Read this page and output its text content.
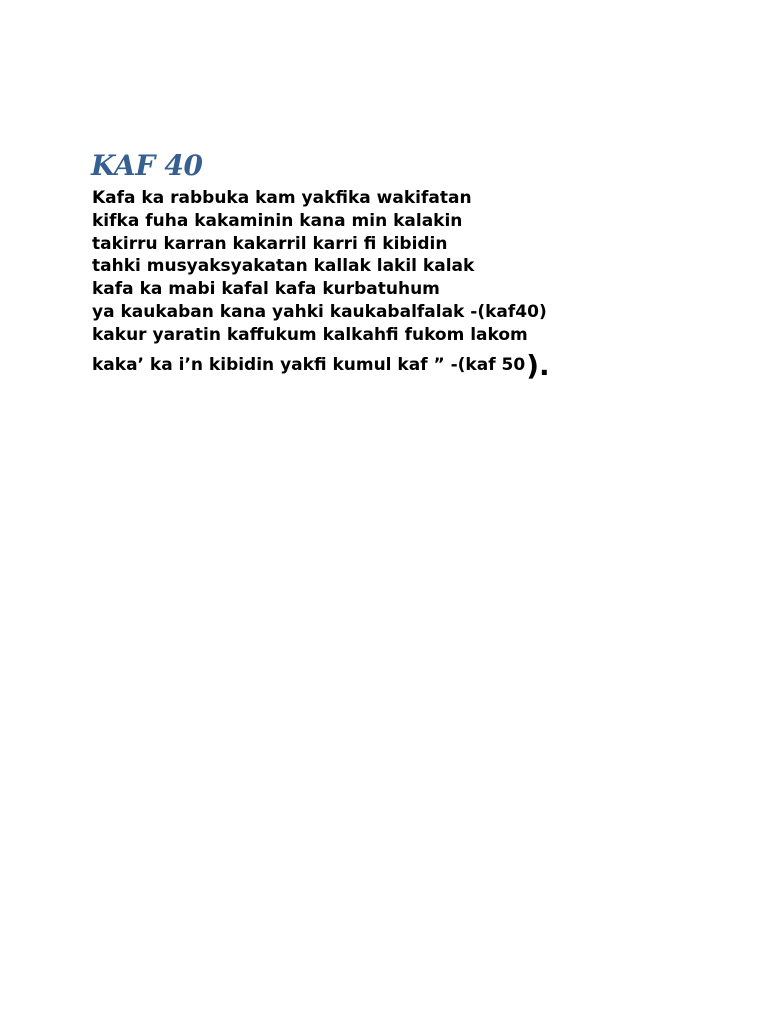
KAF 40
Kafa ka rabbuka kam yakfika wakifatan
kifka fuha kakaminin kana min kalakin
takirru karran kakarril karri fi kibidin
tahki musyaksyakatan kallak lakil kalak
kafa ka mabi kafal kafa kurbatuhum
ya kaukaban kana yahki kaukabalfalak -(kaf40)
kakur yaratin kaffukum kalkahfi fukom lakom
kaka’ ka i’n kibidin yakfi kumul kaf ” -(kaf 50 ).
